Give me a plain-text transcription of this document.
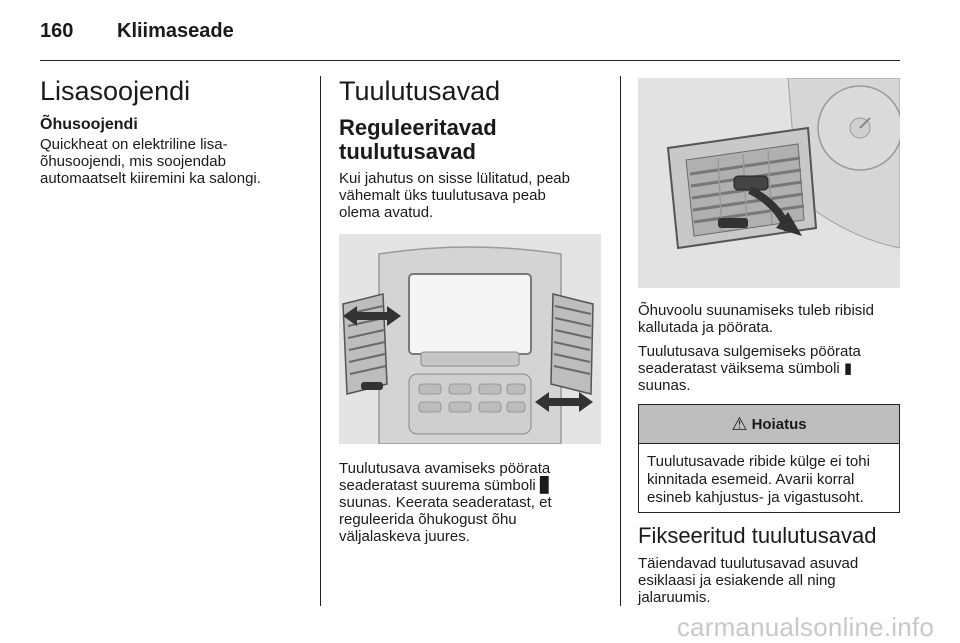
160 Kliimaseade
Lisasoojendi
Õhusoojendi

Quickheat on elektriline lisa-

õhusoojendi, mis soojendab

automaatselt kiiremini ka salongi.

Tuulutusavad
Reguleeritavad
tuulutusavad

Kui jahutus on sisse lülitatud, peab

vähemalt üks tuulutusava peab

olema avatud.

Tuulutusava avamiseks pöörata

seaderatast suurema sümboli ▊

suunas. Keerata seaderatast, et

reguleerida õhukogust õhu

väljalaskeva juures.

Õhuvoolu suunamiseks tuleb ribisid

kallutada ja pöörata.

Tuulutusava sulgemiseks pöörata

seaderatast väiksema sümboli ▮

suunas.

⚠ Hoiatus
Tuulutusavade ribide külge ei tohi
kinnitada esemeid. Avarii korral
esineb kahjustus- ja vigastusoht.
Fikseeritud tuulutusavad

Täiendavad tuulutusavad asuvad

esiklaasi ja esiakende all ning

jalaruumis.

carmanualsonline.info
